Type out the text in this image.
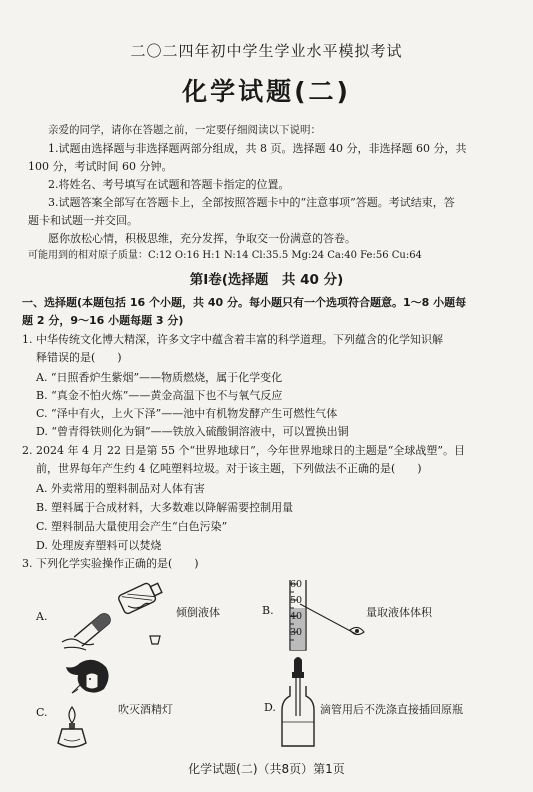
二〇二四年初中学生学业水平模拟考试
化学试题(二)
亲爱的同学，请你在答题之前，一定要仔细阅读以下说明：
1.试题由选择题与非选择题两部分组成，共 8 页。选择题 40 分，非选择题 60 分，共
100 分，考试时间 60 分钟。
2.将姓名、考号填写在试题和答题卡指定的位置。
3.试题答案全部写在答题卡上，全部按照答题卡中的“注意事项”答题。考试结束，答
题卡和试题一并交回。
愿你放松心情，积极思维，充分发挥，争取交一份满意的答卷。
可能用到的相对原子质量：C:12 O:16 H:1 N:14 Cl:35.5 Mg:24 Ca:40 Fe:56 Cu:64
第Ⅰ卷(选择题　共 40 分)
一、选择题(本题包括 16 个小题，共 40 分。每小题只有一个选项符合题意。1～8 小题每
题 2 分，9～16 小题每题 3 分)
1. 中华传统文化博大精深，许多文字中蕴含着丰富的科学道理。下列蕴含的化学知识解
释错误的是(　　)
A. “日照香炉生紫烟”——物质燃烧，属于化学变化
B. “真金不怕火炼”——黄金高温下也不与氧气反应
C. “泽中有火，上火下泽”——池中有机物发酵产生可燃性气体
D. “曾青得铁则化为铜”——铁放入硫酸铜溶液中，可以置换出铜
2. 2024 年 4 月 22 日是第 55 个“世界地球日”，今年世界地球日的主题是“全球战塑”。目
前，世界每年产生约 4 亿吨塑料垃圾。对于该主题，下列做法不正确的是(　　)
A. 外卖常用的塑料制品对人体有害
B. 塑料属于合成材料，大多数难以降解需要控制用量
C. 塑料制品大量使用会产生“白色污染”
D. 处理废弃塑料可以焚烧
3. 下列化学实验操作正确的是(　　)
A.	倾倒液体	B.
60
50
40
30
量取液体体积
C.	吹灭酒精灯	D.	滴管用后不洗涤直接插回原瓶
化学试题(二)（共8页）第1页
